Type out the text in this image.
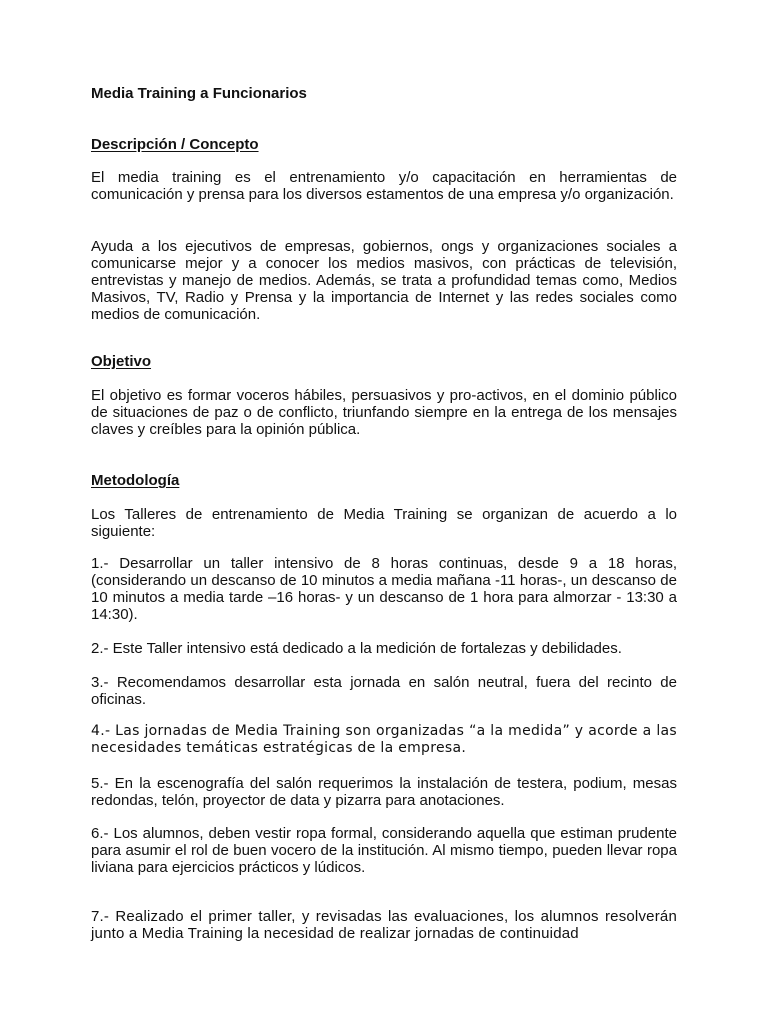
Media Training a Funcionarios
Descripción / Concepto

El media training es el entrenamiento y/o capacitación en herramientas de comunicación y prensa para los diversos estamentos de una empresa y/o organización.

Ayuda a los ejecutivos de empresas, gobiernos, ongs y organizaciones sociales a comunicarse mejor y a conocer los medios masivos, con prácticas de televisión, entrevistas y manejo de medios. Además, se trata a profundidad temas como, Medios Masivos, TV, Radio y Prensa y la importancia de Internet y las redes sociales como medios de comunicación.

Objetivo

El objetivo es formar voceros hábiles, persuasivos y pro-activos, en el dominio público de situaciones de paz o de conflicto, triunfando siempre en la entrega de los mensajes claves y creíbles para la opinión pública.

Metodología

Los Talleres de entrenamiento de Media Training se organizan de acuerdo a lo siguiente:

1.- Desarrollar un taller intensivo de 8 horas continuas, desde 9 a 18 horas, (considerando un descanso de 10 minutos a media mañana -11 horas-, un descanso de 10 minutos a media tarde –16 horas- y un descanso de 1 hora para almorzar - 13:30 a 14:30).

2.- Este Taller intensivo está dedicado a la medición de fortalezas y debilidades.

3.- Recomendamos desarrollar esta jornada en salón neutral, fuera del recinto de oficinas.

4.- Las jornadas de Media Training son organizadas “a la medida” y acorde a las necesidades temáticas estratégicas de la empresa.

5.- En la escenografía del salón requerimos la instalación de testera, podium, mesas redondas, telón, proyector de data y pizarra para anotaciones.

6.- Los alumnos, deben vestir ropa formal, considerando aquella que estiman prudente para asumir el rol de buen vocero de la institución. Al mismo tiempo, pueden llevar ropa liviana para ejercicios prácticos y lúdicos.

7.- Realizado el primer taller, y revisadas las evaluaciones, los alumnos resolverán junto a Media Training la necesidad de realizar jornadas de continuidad
